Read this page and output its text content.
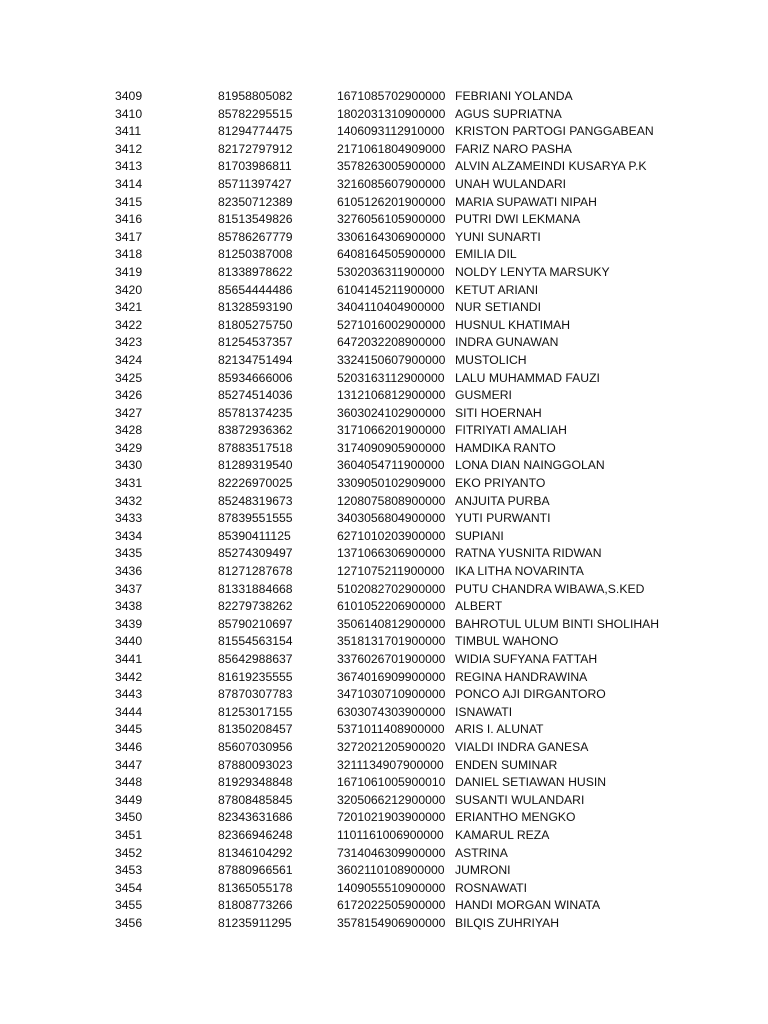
3409	81958805082	1671085702900000 FEBRIANI YOLANDA
3410	85782295515	1802031310900000 AGUS SUPRIATNA
3411	81294774475	1406093112910000 KRISTON PARTOGI PANGGABEAN
3412	82172797912	2171061804909000 FARIZ NARO PASHA
3413	81703986811	3578263005900000 ALVIN ALZAMEINDI KUSARYA P.K
3414	85711397427	3216085607900000 UNAH WULANDARI
3415	82350712389	6105126201900000 MARIA SUPAWATI NIPAH
3416	81513549826	3276056105900000 PUTRI DWI LEKMANA
3417	85786267779	3306164306900000 YUNI SUNARTI
3418	81250387008	6408164505900000 EMILIA DIL
3419	81338978622	5302036311900000 NOLDY LENYTA MARSUKY
3420	85654444486	6104145211900000 KETUT ARIANI
3421	81328593190	3404110404900000 NUR SETIANDI
3422	81805275750	5271016002900000 HUSNUL KHATIMAH
3423	81254537357	6472032208900000 INDRA GUNAWAN
3424	82134751494	3324150607900000 MUSTOLICH
3425	85934666006	5203163112900000 LALU MUHAMMAD FAUZI
3426	85274514036	1312106812900000 GUSMERI
3427	85781374235	3603024102900000 SITI HOERNAH
3428	83872936362	3171066201900000 FITRIYATI AMALIAH
3429	87883517518	3174090905900000 HAMDIKA RANTO
3430	81289319540	3604054711900000 LONA DIAN NAINGGOLAN
3431	82226970025	3309050102909000 EKO PRIYANTO
3432	85248319673	1208075808900000 ANJUITA PURBA
3433	87839551555	3403056804900000 YUTI PURWANTI
3434	85390411125	6271010203900000 SUPIANI
3435	85274309497	1371066306900000 RATNA YUSNITA RIDWAN
3436	81271287678	1271075211900000 IKA LITHA NOVARINTA
3437	81331884668	5102082702900000 PUTU CHANDRA WIBAWA,S.KED
3438	82279738262	6101052206900000 ALBERT
3439	85790210697	3506140812900000 BAHROTUL ULUM BINTI SHOLIHAH
3440	81554563154	3518131701900000 TIMBUL WAHONO
3441	85642988637	3376026701900000 WIDIA SUFYANA FATTAH
3442	81619235555	3674016909900000 REGINA HANDRAWINA
3443	87870307783	3471030710900000 PONCO AJI DIRGANTORO
3444	81253017155	6303074303900000 ISNAWATI
3445	81350208457	5371011408900000 ARIS I. ALUNAT
3446	85607030956	3272021205900020 VIALDI INDRA GANESA
3447	87880093023	3211134907900000 ENDEN SUMINAR
3448	81929348848	1671061005900010 DANIEL SETIAWAN HUSIN
3449	87808485845	3205066212900000 SUSANTI WULANDARI
3450	82343631686	7201021903900000 ERIANTHO MENGKO
3451	82366946248	1101161006900000 KAMARUL REZA
3452	81346104292	7314046309900000 ASTRINA
3453	87880966561	3602110108900000 JUMRONI
3454	81365055178	1409055510900000 ROSNAWATI
3455	81808773266	6172022505900000 HANDI MORGAN WINATA
3456	81235911295	3578154906900000 BILQIS ZUHRIYAH
